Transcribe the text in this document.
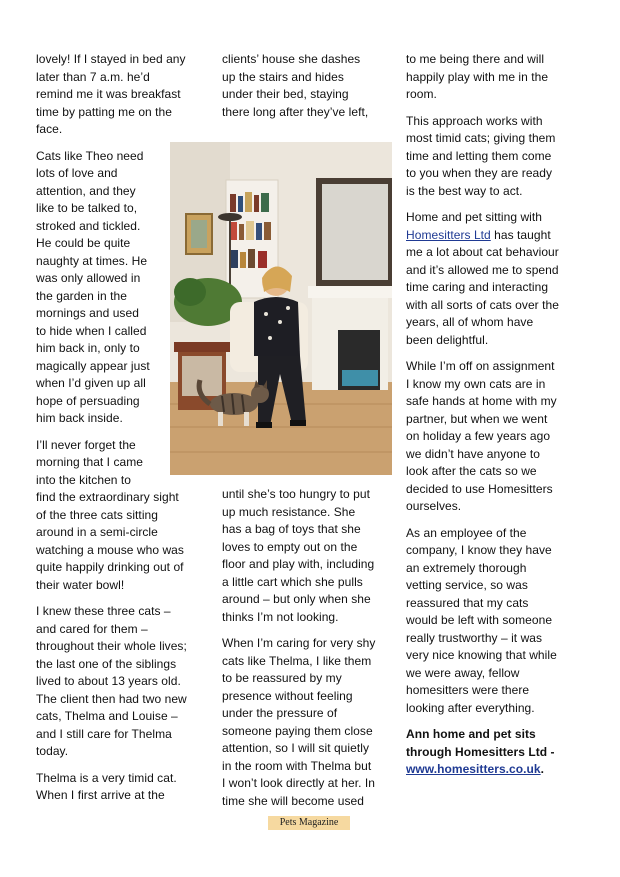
lovely! If I stayed in bed any
later than 7 a.m. he’d
remind me it was breakfast
time by patting me on the
face.

Cats like Theo need
lots of love and
attention, and they
like to be talked to,
stroked and tickled.
He could be quite
naughty at times. He
was only allowed in
the garden in the
mornings and used
to hide when I called
him back in, only to
magically appear just
when I’d given up all
hope of persuading
him back inside.

I’ll never forget the
morning that I came
into the kitchen to
find the extraordinary sight
of the three cats sitting
around in a semi-circle
watching a mouse who was
quite happily drinking out of
their water bowl!

I knew these three cats –
and cared for them –
throughout their whole lives;
the last one of the siblings
lived to about 13 years old.
The client then had two new
cats, Thelma and Louise –
and I still care for Thelma
today.

Thelma is a very timid cat.
When I first arrive at the

clients’ house she dashes
up the stairs and hides
under their bed, staying
there long after they’ve left,

until she’s too hungry to put
up much resistance. She
has a bag of toys that she
loves to empty out on the
floor and play with, including
a little cart which she pulls
around – but only when she
thinks I’m not looking.

When I’m caring for very shy
cats like Thelma, I like them
to be reassured by my
presence without feeling
under the pressure of
someone paying them close
attention, so I will sit quietly
in the room with Thelma but
I won’t look directly at her. In
time she will become used

to me being there and will
happily play with me in the
room.

This approach works with
most timid cats; giving them
time and letting them come
to you when they are ready
is the best way to act.

Home and pet sitting with
Homesitters Ltd has taught
me a lot about cat behaviour
and it’s allowed me to spend
time caring and interacting
with all sorts of cats over the
years, all of whom have
been delightful.

While I’m off on assignment
I know my own cats are in
safe hands at home with my
partner, but when we went
on holiday a few years ago
we didn’t have anyone to
look after the cats so we
decided to use Homesitters
ourselves.

As an employee of the
company, I know they have
an extremely thorough
vetting service, so was
reassured that my cats
would be left with someone
really trustworthy – it was
very nice knowing that while
we were away, fellow
homesitters were there
looking after everything.

Ann home and pet sits
through Homesitters Ltd -
www.homesitters.co.uk.

Pets Magazine
